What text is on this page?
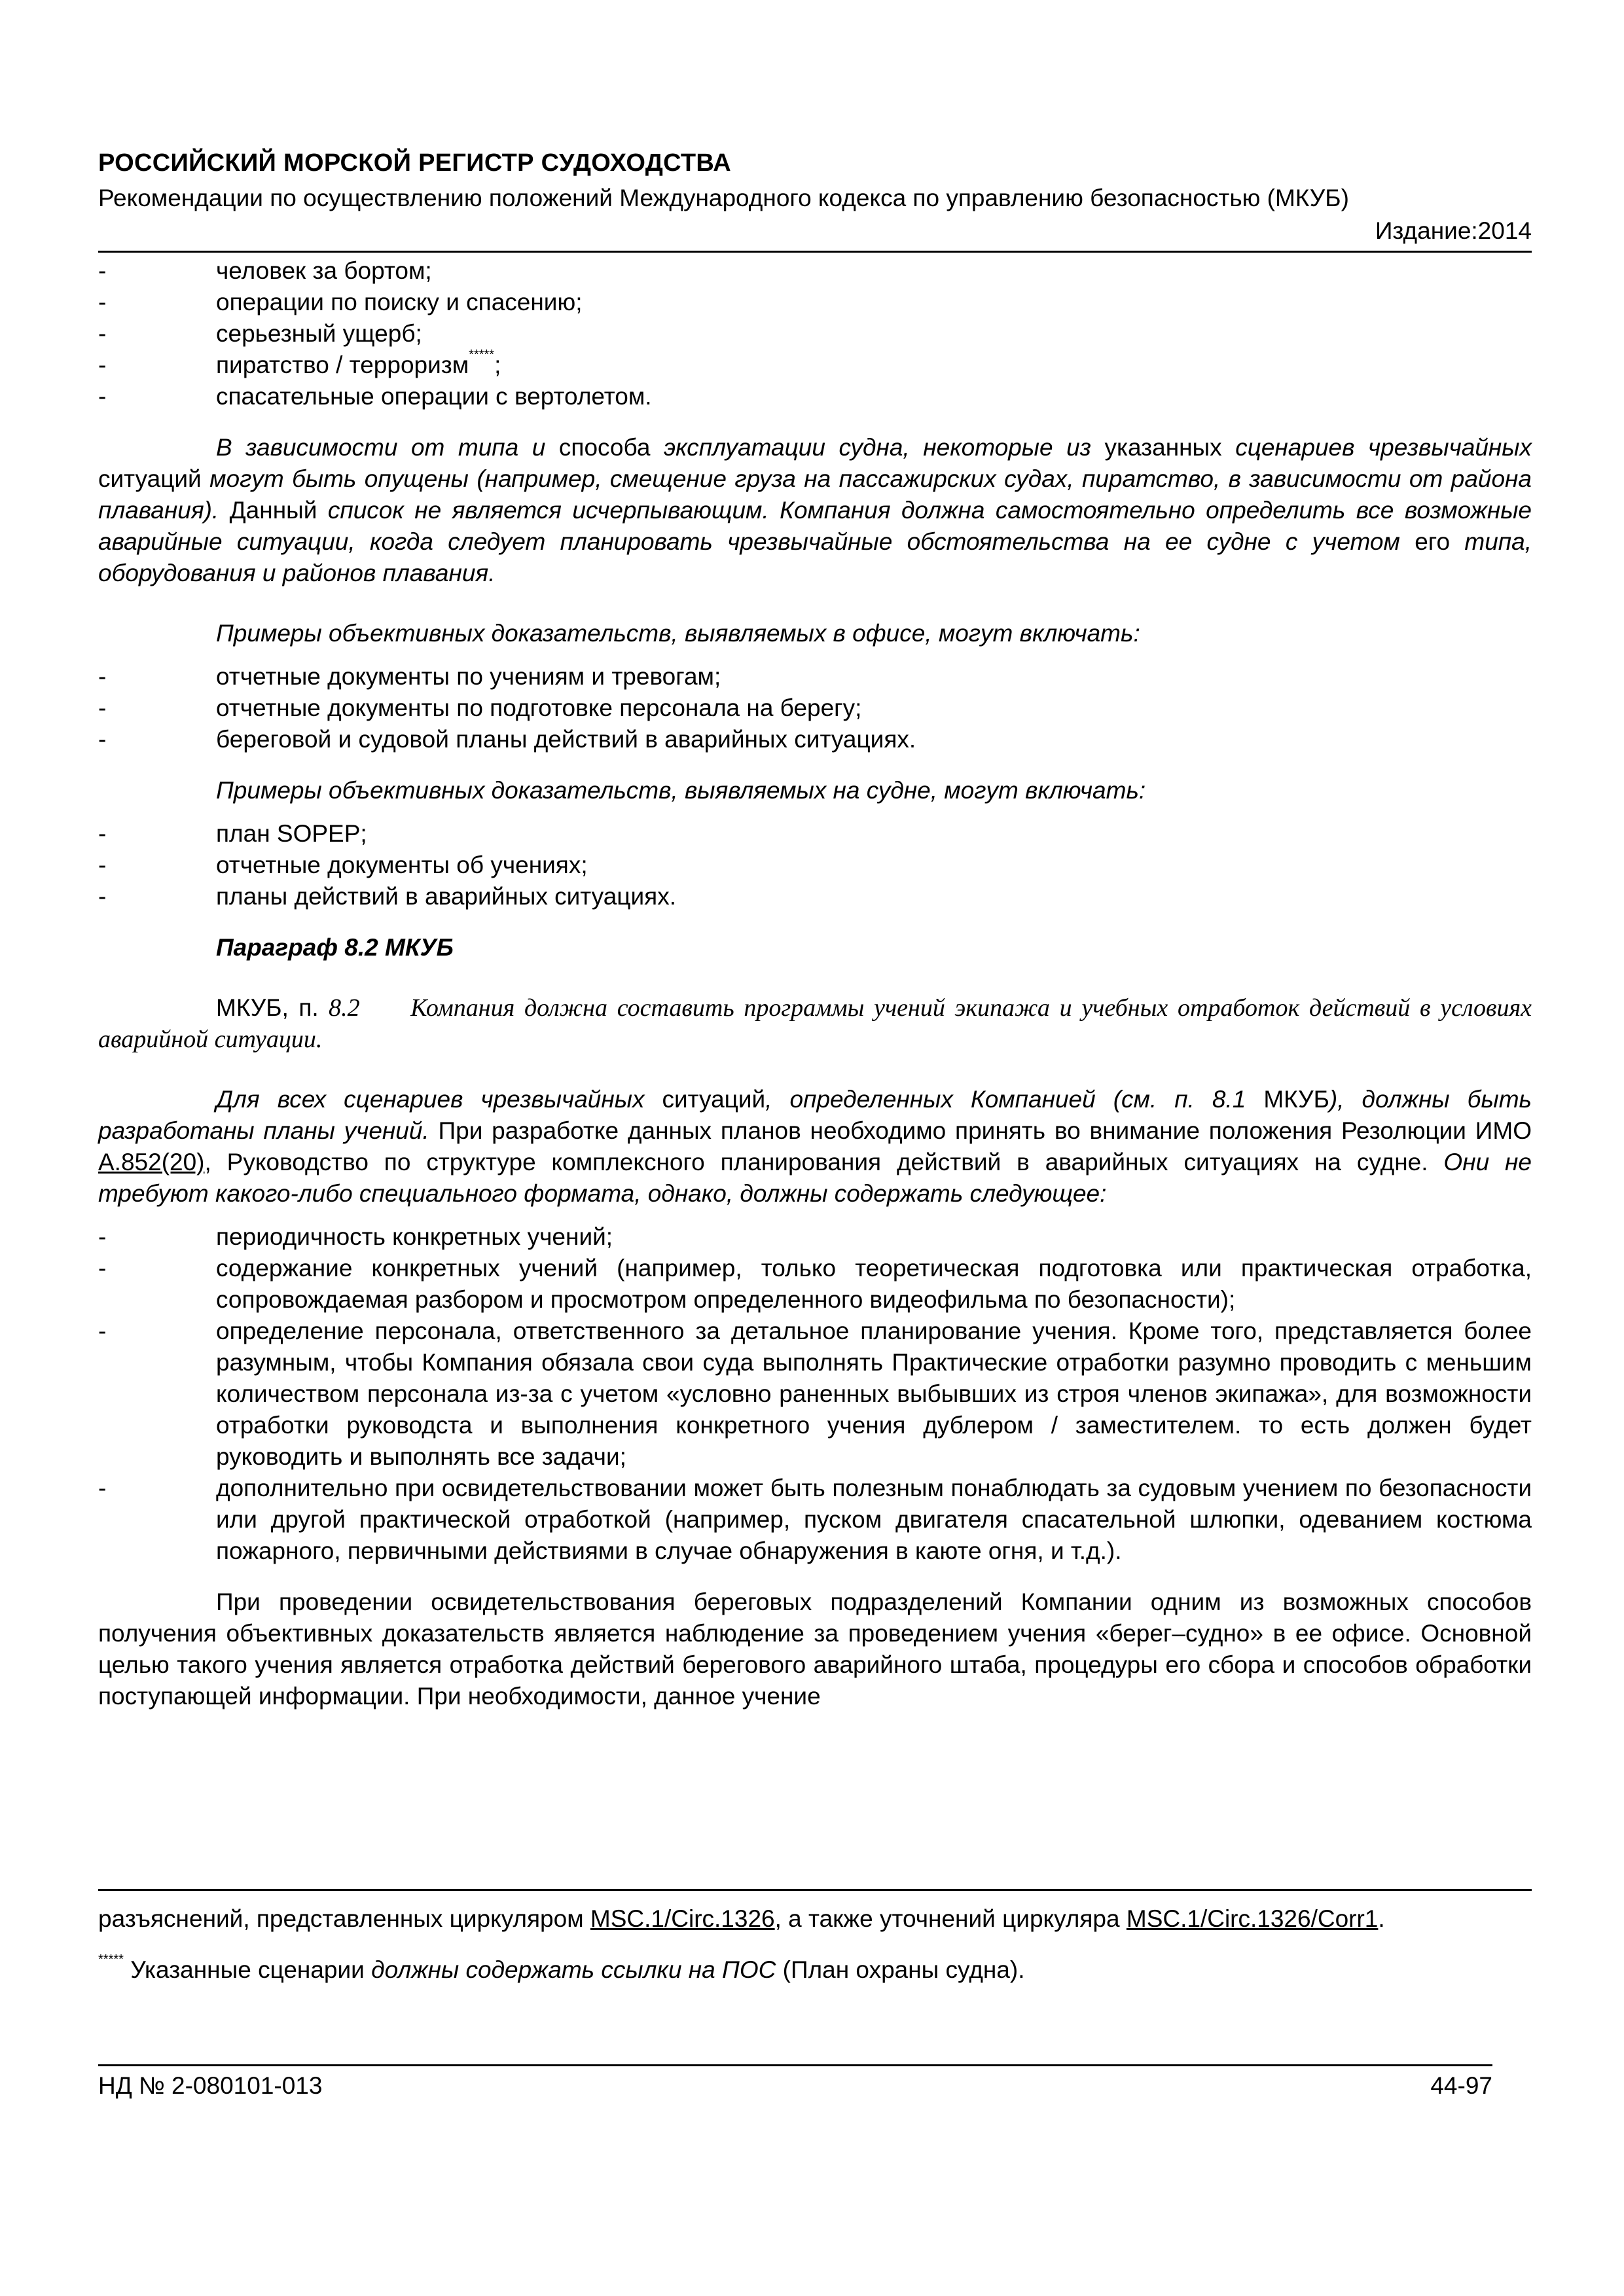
РОССИЙСКИЙ МОРСКОЙ РЕГИСТР СУДОХОДСТВА
Рекомендации по осуществлению положений Международного кодекса по управлению безопасностью (МКУБ)
Издание:2014
-	человек за бортом;
-	операции по поиску и спасению;
-	серьезный ущерб;
-	пиратство / терроризм*****;
-	спасательные операции с вертолетом.
В зависимости от типа и способа эксплуатации судна, некоторые из указанных сценариев чрезвычайных ситуаций могут быть опущены (например, смещение груза на пассажирских судах, пиратство, в зависимости от района плавания). Данный список не является исчерпывающим. Компания должна самостоятельно определить все возможные аварийные ситуации, когда следует планировать чрезвычайные обстоятельства на ее судне с учетом его типа, оборудования и районов плавания.
Примеры объективных доказательств, выявляемых в офисе, могут включать:
-	отчетные документы по учениям и тревогам;
-	отчетные документы по подготовке персонала на берегу;
-	береговой и судовой планы действий в аварийных ситуациях.
Примеры объективных доказательств, выявляемых на судне, могут включать:
-	план SOPEP;
-	отчетные документы об учениях;
-	планы действий в аварийных ситуациях.
Параграф 8.2 МКУБ
МКУБ, п. 8.2 Компания должна составить программы учений экипажа и учебных отработок действий в условиях аварийной ситуации.
Для всех сценариев чрезвычайных ситуаций, определенных Компанией (см. п. 8.1 МКУБ), должны быть разработаны планы учений. При разработке данных планов необходимо принять во внимание положения Резолюции ИМО A.852(20), Руководство по структуре комплексного планирования действий в аварийных ситуациях на судне. Они не требуют какого-либо специального формата, однако, должны содержать следующее:
-	периодичность конкретных учений;
-	содержание конкретных учений (например, только теоретическая подготовка или практическая отработка, сопровождаемая разбором и просмотром определенного видеофильма по безопасности);
-	определение персонала, ответственного за детальное планирование учения. Кроме того, представляется более разумным, чтобы Компания обязала свои суда выполнять Практические отработки разумно проводить с меньшим количеством персонала из-за с учетом «условно раненных выбывших из строя членов экипажа», для возможности отработки руководста и выполнения конкретного учения дублером / заместителем. то есть должен будет руководить и выполнять все задачи;
-	дополнительно при освидетельствовании может быть полезным понаблюдать за судовым учением по безопасности или другой практической отработкой (например, пуском двигателя спасательной шлюпки, одеванием костюма пожарного, первичными действиями в случае обнаружения в каюте огня, и т.д.).
При проведении освидетельствования береговых подразделений Компании одним из возможных способов получения объективных доказательств является наблюдение за проведением учения «берег–судно» в ее офисе. Основной целью такого учения является отработка действий берегового аварийного штаба, процедуры его сбора и способов обработки поступающей информации. При необходимости, данное учение
разъяснений, представленных циркуляром MSC.1/Circ.1326, а также уточнений циркуляра MSC.1/Circ.1326/Corr1.
***** Указанные сценарии должны содержать ссылки на ПОС (План охраны судна).
НД № 2-080101-013	44-97
